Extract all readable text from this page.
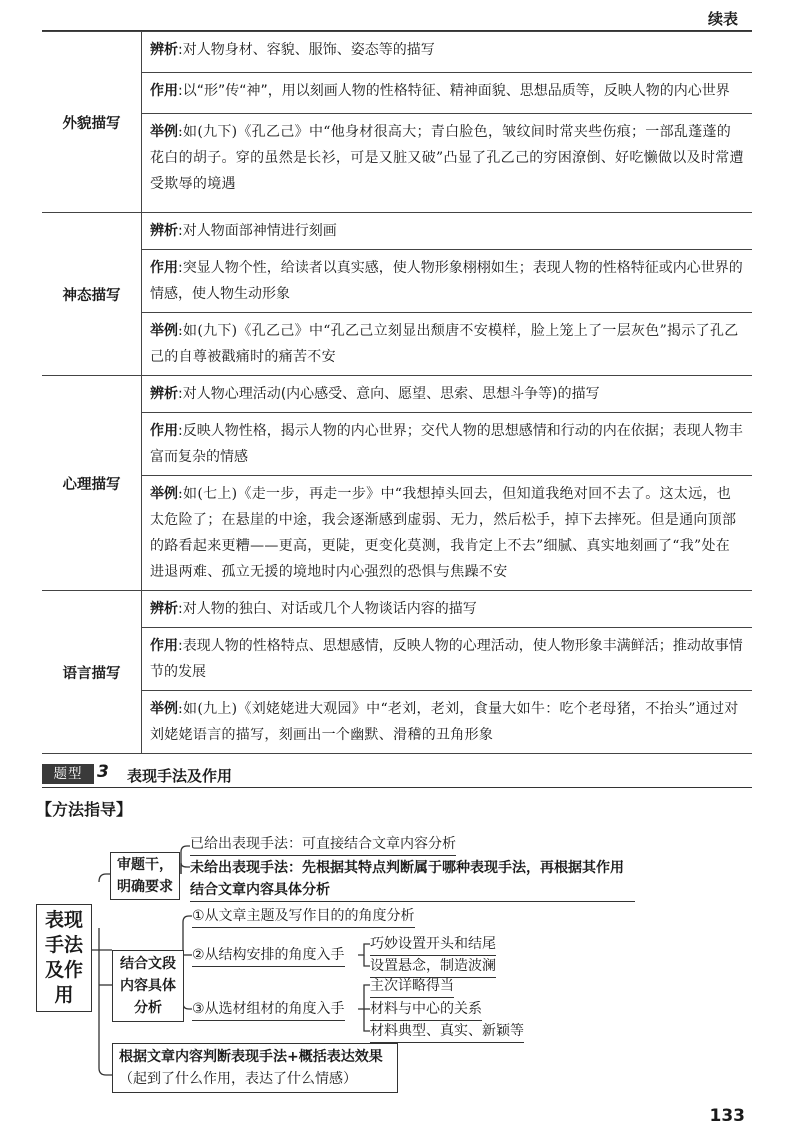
续表
外貌描写	辨析:对人物身材、容貌、服饰、姿态等的描写
	作用:以“形”传“神”，用以刻画人物的性格特征、精神面貌、思想品质等，反映人物的内心世界
	举例:如(九下)《孔乙己》中“他身材很高大；青白脸色，皱纹间时常夹些伤痕；一部乱蓬蓬的花白的胡子。穿的虽然是长衫，可是又脏又破”凸显了孔乙己的穷困潦倒、好吃懒做以及时常遭受欺辱的境遇
神态描写	辨析:对人物面部神情进行刻画
	作用:突显人物个性，给读者以真实感，使人物形象栩栩如生；表现人物的性格特征或内心世界的情感，使人物生动形象
	举例:如(九下)《孔乙己》中“孔乙己立刻显出颓唐不安模样，脸上笼上了一层灰色”揭示了孔乙己的自尊被戳痛时的痛苦不安
心理描写	辨析:对人物心理活动(内心感受、意向、愿望、思索、思想斗争等)的描写
	作用:反映人物性格，揭示人物的内心世界；交代人物的思想感情和行动的内在依据；表现人物丰富而复杂的情感
	举例:如(七上)《走一步，再走一步》中“我想掉头回去，但知道我绝对回不去了。这太远，也太危险了；在悬崖的中途，我会逐渐感到虚弱、无力，然后松手，掉下去摔死。但是通向顶部的路看起来更糟——更高，更陡，更变化莫测，我肯定上不去”细腻、真实地刻画了“我”处在进退两难、孤立无援的境地时内心强烈的恐惧与焦躁不安
语言描写	辨析:对人物的独白、对话或几个人物谈话内容的描写
	作用:表现人物的性格特点、思想感情，反映人物的心理活动，使人物形象丰满鲜活；推动故事情节的发展
	举例:如(九上)《刘姥姥进大观园》中“老刘，老刘，食量大如牛：吃个老母猪，不抬头”通过对刘姥姥语言的描写，刻画出一个幽默、滑稽的丑角形象
题型 3 表现手法及作用
【方法指导】
表现手法及作用
审题干，明确要求
已给出表现手法：可直接结合文章内容分析
未给出表现手法：先根据其特点判断属于哪种表现手法，再根据其作用结合文章内容具体分析
结合文段内容具体分析
①从文章主题及写作目的的角度分析
②从结构安排的角度入手
巧妙设置开头和结尾
设置悬念，制造波澜
③从选材组材的角度入手
主次详略得当
材料与中心的关系
材料典型、真实、新颖等
根据文章内容判断表现手法+概括表达效果
（起到了什么作用，表达了什么情感）
133
